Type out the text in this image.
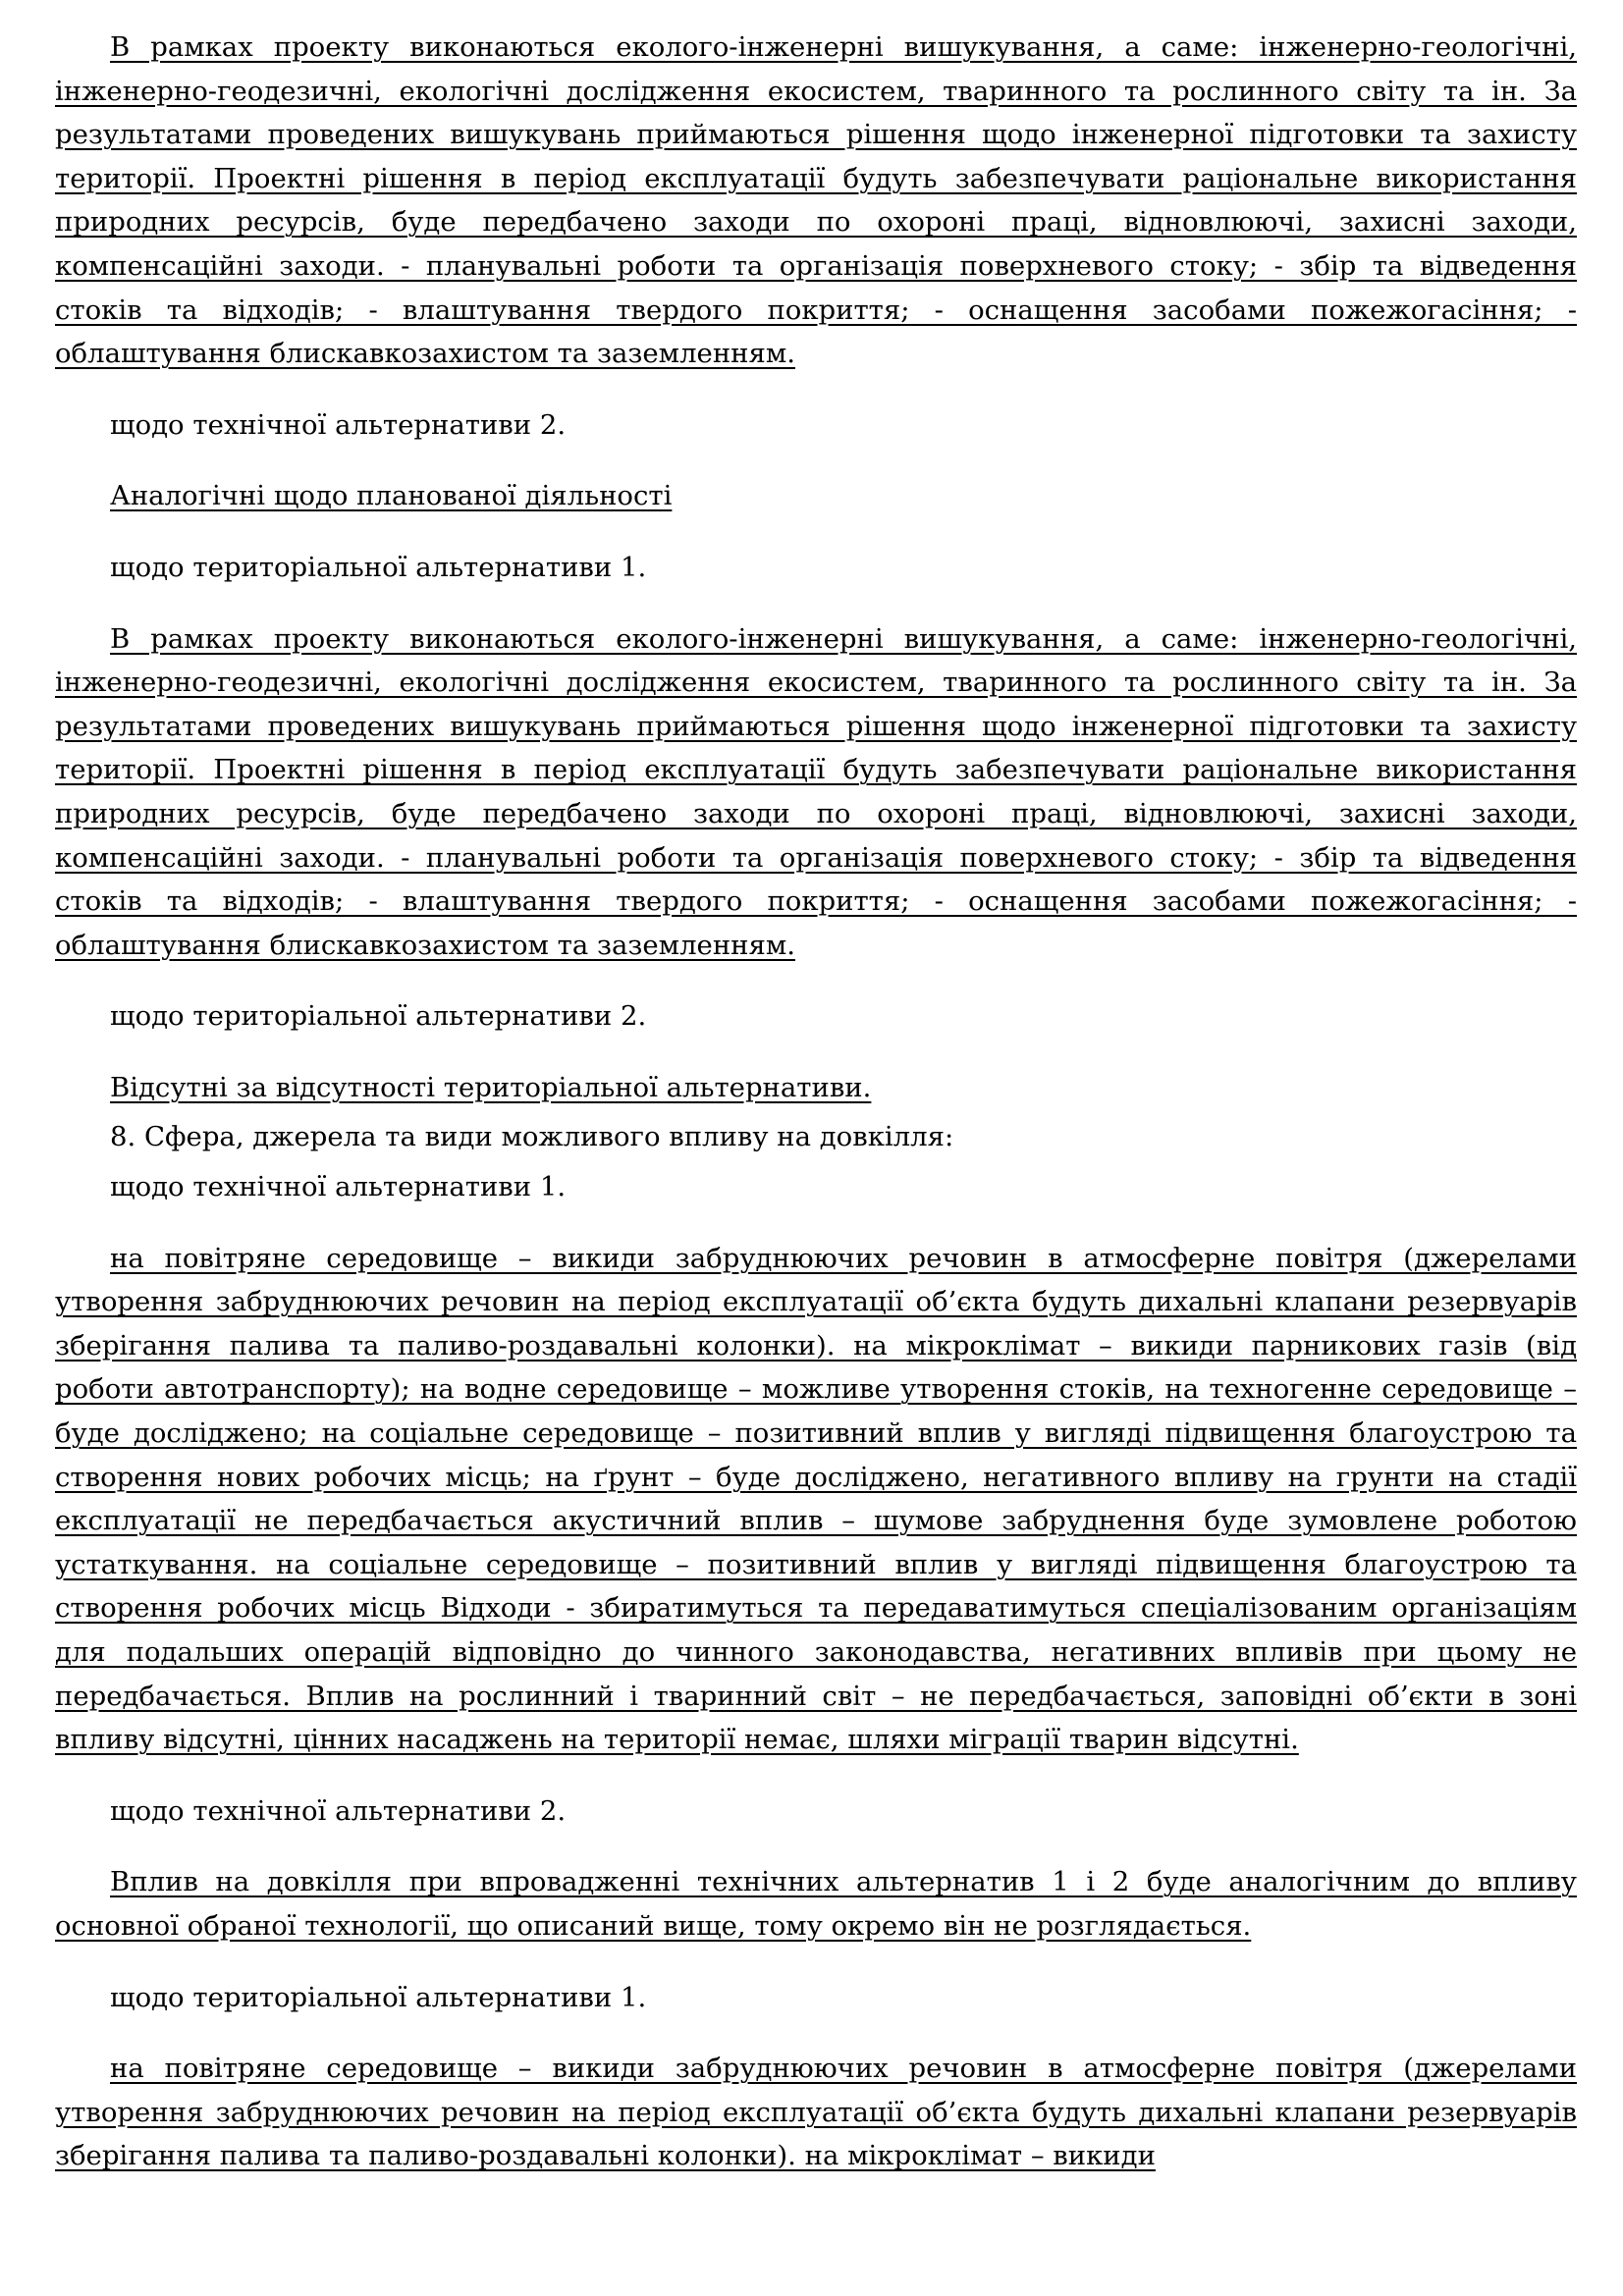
В рамках проекту виконаються еколого-інженерні вишукування, а саме: інженерно-геологічні, інженерно-геодезичні, екологічні дослідження екосистем, тваринного та рослинного світу та ін. За результатами проведених вишукувань приймаються рішення щодо інженерної підготовки та захисту території. Проектні рішення в період експлуатації будуть забезпечувати раціональне використання природних ресурсів, буде передбачено заходи по охороні праці, відновлюючі, захисні заходи, компенсаційні заходи. - планувальні роботи та організація поверхневого стоку; - збір та відведення стоків та відходів; - влаштування твердого покриття; - оснащення засобами пожежогасіння; - облаштування блискавкозахистом та заземленням.

щодо технічної альтернативи 2.

Аналогічні щодо планованої діяльності

щодо територіальної альтернативи 1.

В рамках проекту виконаються еколого-інженерні вишукування, а саме: інженерно-геологічні, інженерно-геодезичні, екологічні дослідження екосистем, тваринного та рослинного світу та ін. За результатами проведених вишукувань приймаються рішення щодо інженерної підготовки та захисту території. Проектні рішення в період експлуатації будуть забезпечувати раціональне використання природних ресурсів, буде передбачено заходи по охороні праці, відновлюючі, захисні заходи, компенсаційні заходи. - планувальні роботи та організація поверхневого стоку; - збір та відведення стоків та відходів; - влаштування твердого покриття; - оснащення засобами пожежогасіння; - облаштування блискавкозахистом та заземленням.

щодо територіальної альтернативи 2.

Відсутні за відсутності територіальної альтернативи.

8. Сфера, джерела та види можливого впливу на довкілля:

щодо технічної альтернативи 1.

на повітряне середовище – викиди забруднюючих речовин в атмосферне повітря (джерелами утворення забруднюючих речовин на період експлуатації об’єкта будуть дихальні клапани резервуарів зберігання палива та паливо-роздавальні колонки). на мікроклімат – викиди парникових газів (від роботи автотранспорту); на водне середовище – можливе утворення стоків, на техногенне середовище – буде досліджено; на соціальне середовище – позитивний вплив у вигляді підвищення благоустрою та створення нових робочих місць; на ґрунт – буде досліджено, негативного впливу на грунти на стадії експлуатації не передбачається акустичний вплив – шумове забруднення буде зумовлене роботою устаткування. на соціальне середовище – позитивний вплив у вигляді підвищення благоустрою та створення робочих місць Відходи - збиратимуться та передаватимуться спеціалізованим організаціям для подальших операцій відповідно до чинного законодавства, негативних впливів при цьому не передбачається. Вплив на рослинний і тваринний світ – не передбачається, заповідні об’єкти в зоні впливу відсутні, цінних насаджень на території немає, шляхи міграції тварин відсутні.

щодо технічної альтернативи 2.

Вплив на довкілля при впровадженні технічних альтернатив 1 і 2 буде аналогічним до впливу основної обраної технології, що описаний вище, тому окремо він не розглядається.

щодо територіальної альтернативи 1.

на повітряне середовище – викиди забруднюючих речовин в атмосферне повітря (джерелами утворення забруднюючих речовин на період експлуатації об’єкта будуть дихальні клапани резервуарів зберігання палива та паливо-роздавальні колонки). на мікроклімат – викиди
